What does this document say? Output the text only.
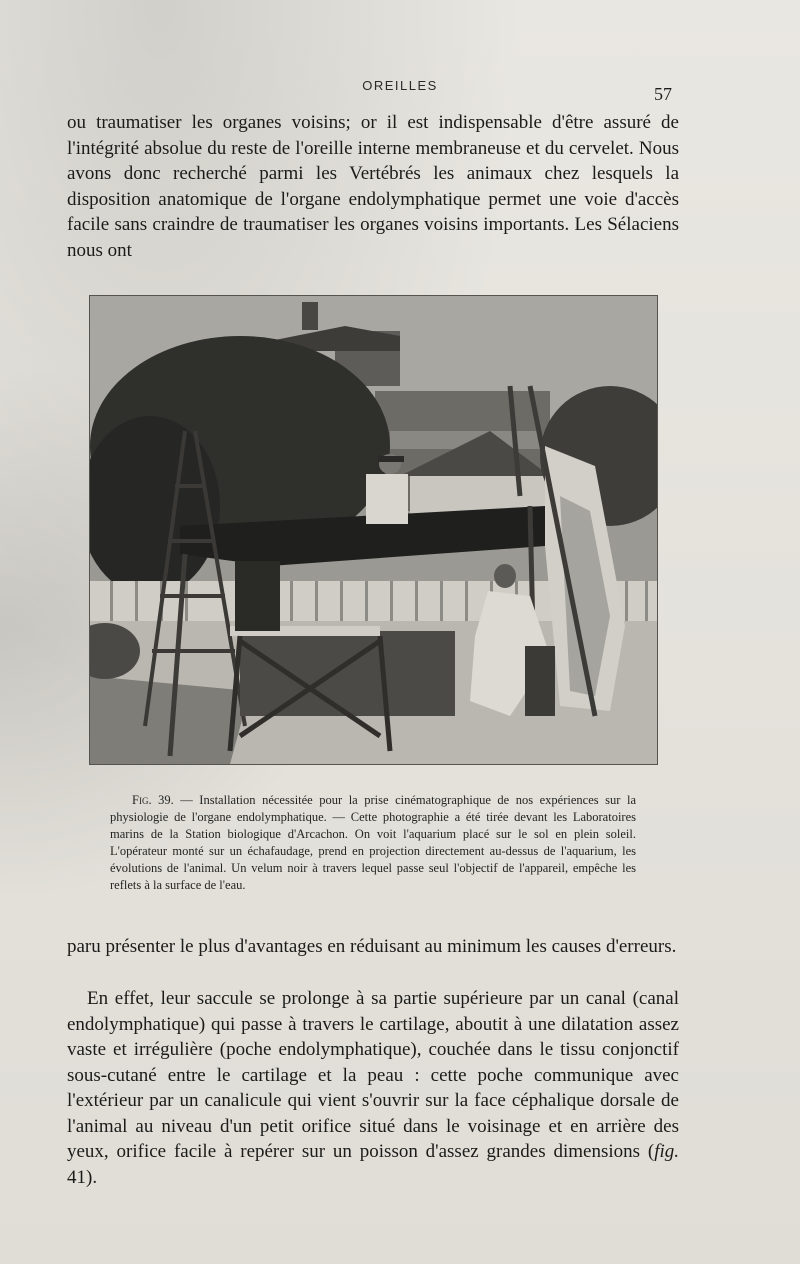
OREILLES	57

ou traumatiser les organes voisins; or il est indispensable d'être assuré de l'intégrité absolue du reste de l'oreille interne membraneuse et du cervelet. Nous avons donc recherché parmi les Vertébrés les animaux chez lesquels la disposition anatomique de l'organe endolymphatique permet une voie d'accès facile sans craindre de traumatiser les organes voisins importants. Les Sélaciens nous ont

Fig. 39. — Installation nécessitée pour la prise cinématographique de nos expériences sur la physiologie de l'organe endolymphatique. — Cette photographie a été tirée devant les Laboratoires marins de la Station biologique d'Arcachon. On voit l'aquarium placé sur le sol en plein soleil. L'opérateur monté sur un échafaudage, prend en projection directement au-dessus de l'aquarium, les évolutions de l'animal. Un velum noir à travers lequel passe seul l'objectif de l'appareil, empêche les reflets à la surface de l'eau.

paru présenter le plus d'avantages en réduisant au minimum les causes d'erreurs.

En effet, leur saccule se prolonge à sa partie supérieure par un canal (canal endolymphatique) qui passe à travers le cartilage, aboutit à une dilatation assez vaste et irrégulière (poche endolymphatique), couchée dans le tissu conjonctif sous-cutané entre le cartilage et la peau : cette poche communique avec l'extérieur par un canalicule qui vient s'ouvrir sur la face céphalique dorsale de l'animal au niveau d'un petit orifice situé dans le voisinage et en arrière des yeux, orifice facile à repérer sur un poisson d'assez grandes dimensions (fig. 41).
